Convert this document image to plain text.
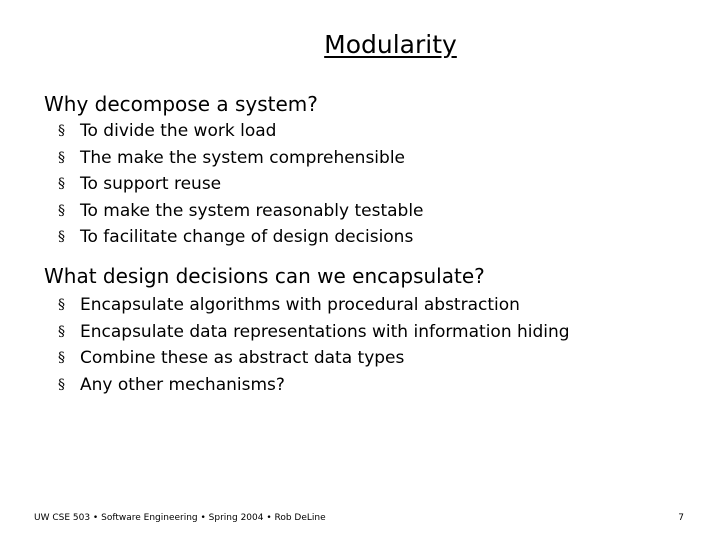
Modularity
Why decompose a system?
§ To divide the work load
§ The make the system comprehensible
§ To support reuse
§ To make the system reasonably testable
§ To facilitate change of design decisions
What design decisions can we encapsulate?
§ Encapsulate algorithms with procedural abstraction
§ Encapsulate data representations with information hiding
§ Combine these as abstract data types
§ Any other mechanisms?
UW CSE 503 • Software Engineering • Spring 2004 • Rob DeLine	7
